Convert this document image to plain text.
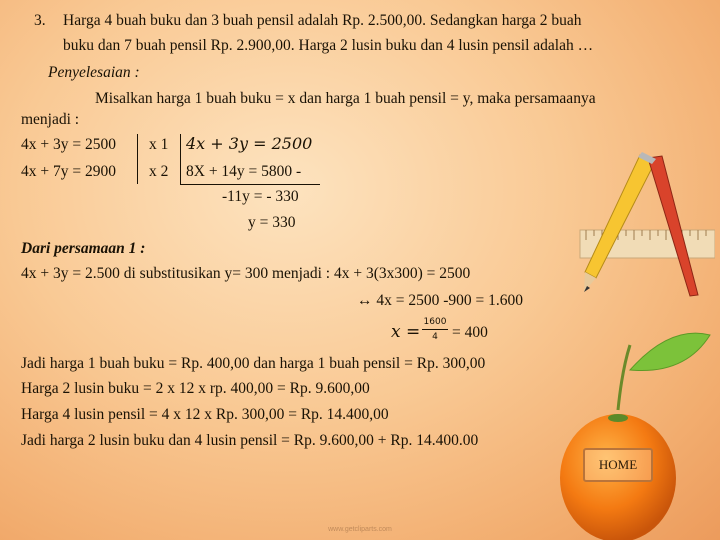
3. Harga 4 buah buku dan 3 buah pensil adalah Rp. 2.500,00. Sedangkan harga 2 buah
buku dan 7 buah pensil Rp. 2.900,00. Harga 2 lusin buku dan 4 lusin pensil adalah …
Penyelesaian :
Misalkan harga 1 buah buku = x dan harga 1 buah pensil = y, maka persamaanya
menjadi :
4x + 3y = 2500 x 1 4x + 3y = 2500
4x + 7y = 2900 x 2 8X + 14y = 5800 -
-11y = - 330
y = 330
Dari persamaan 1 :
4x + 3y = 2.500 di substitusikan y= 300 menjadi : 4x + 3(3x300) = 2500
↔ 4x = 2500 -900 = 1.600
x = 1600
4 = 400
Jadi harga 1 buah buku = Rp. 400,00 dan harga 1 buah pensil = Rp. 300,00
Harga 2 lusin buku = 2 x 12 x rp. 400,00 = Rp. 9.600,00
Harga 4 lusin pensil = 4 x 12 x Rp. 300,00 = Rp. 14.400,00
Jadi harga 2 lusin buku dan 4 lusin pensil = Rp. 9.600,00 + Rp. 14.400.00
HOME
www.getcliparts.com
